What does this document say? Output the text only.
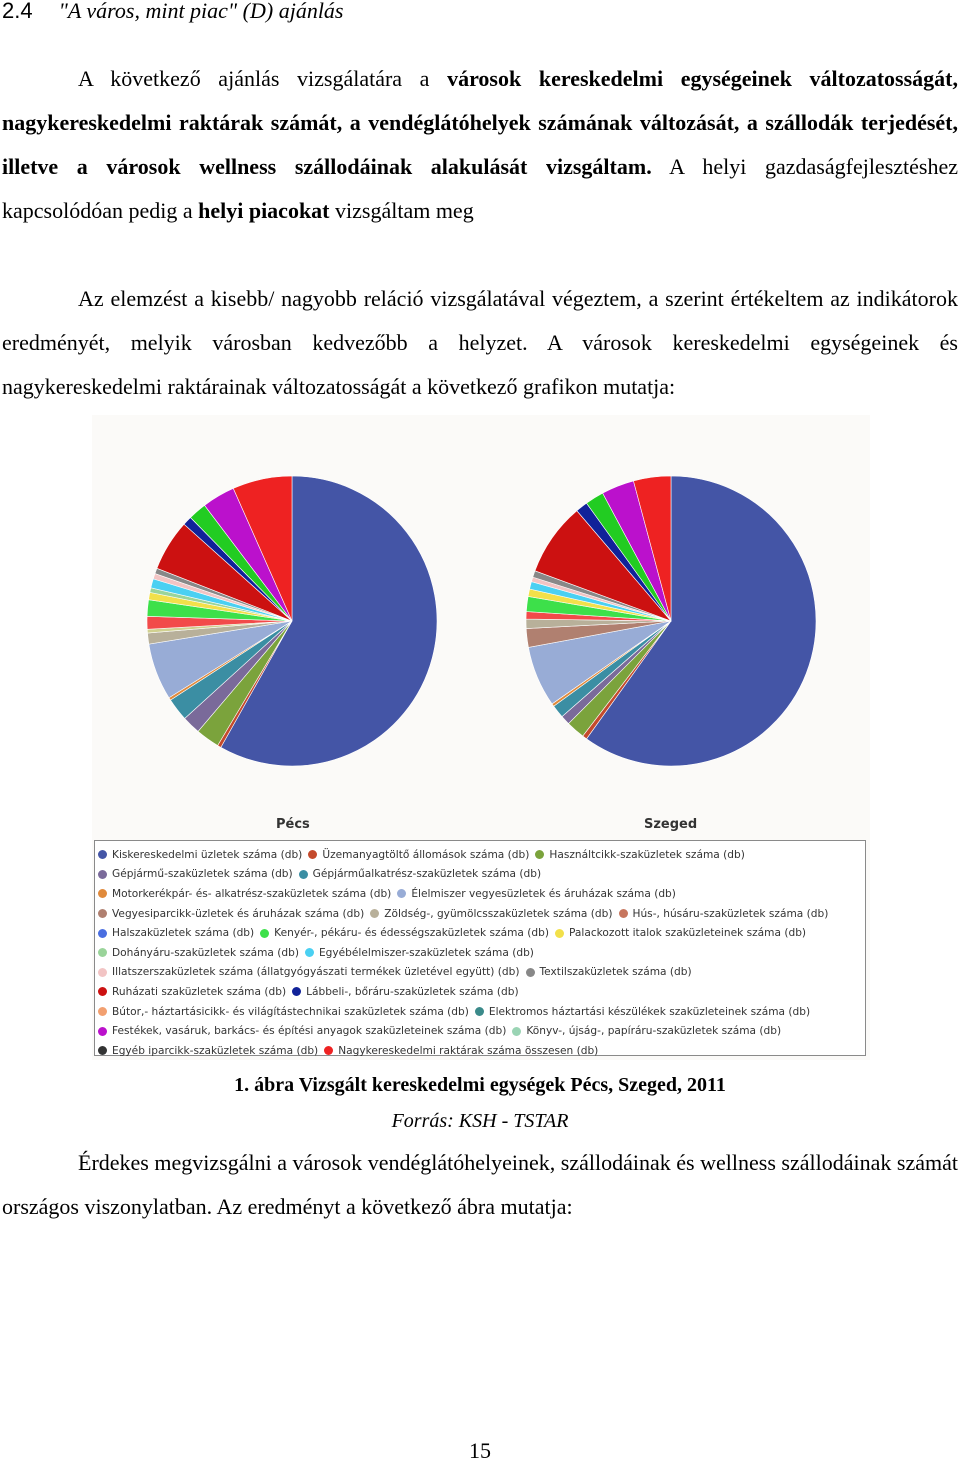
2.4 "A város, mint piac" (D) ajánlás

A következő ajánlás vizsgálatára a városok kereskedelmi egységeinek változatosságát, nagykereskedelmi raktárak számát, a vendéglátóhelyek számának változását, a szállodák terjedését, illetve a városok wellness szállodáinak alakulását vizsgáltam. A helyi gazdaságfejlesztéshez kapcsolódóan pedig a helyi piacokat vizsgáltam meg

Az elemzést a kisebb/ nagyobb reláció vizsgálatával végeztem, a szerint értékeltem az indikátorok eredményét, melyik városban kedvezőbb a helyzet. A városok kereskedelmi egységeinek és nagykereskedelmi raktárainak változatosságát a következő grafikon mutatja:

Pécs	Szeged
Kiskereskedelmi üzletek száma (db) Üzemanyagtöltő állomások száma (db) Használtcikk-szaküzletek száma (db)
Gépjármű-szaküzletek száma (db) Gépjárműalkatrész-szaküzletek száma (db)
Motorkerékpár- és- alkatrész-szaküzletek száma (db) Élelmiszer vegyesüzletek és áruházak száma (db)
Vegyesiparcikk-üzletek és áruházak száma (db) Zöldség-, gyümölcsszaküzletek száma (db) Hús-, húsáru-szaküzletek száma (db)
Halszaküzletek száma (db) Kenyér-, pékáru- és édességszaküzletek száma (db) Palackozott italok szaküzleteinek száma (db)
Dohányáru-szaküzletek száma (db) Egyébélelmiszer-szaküzletek száma (db)
Illatszerszaküzletek száma (állatgyógyászati termékek üzletével együtt) (db) Textilszaküzletek száma (db)
Ruházati szaküzletek száma (db) Lábbeli-, bőráru-szaküzletek száma (db)
Bútor,- háztartásicikk- és világítástechnikai szaküzletek száma (db) Elektromos háztartási készülékek szaküzleteinek száma (db)
Festékek, vasáruk, barkács- és építési anyagok szaküzleteinek száma (db) Könyv-, újság-, papíráru-szaküzletek száma (db)
Egyéb iparcikk-szaküzletek száma (db) Nagykereskedelmi raktárak száma összesen (db)
1. ábra Vizsgált kereskedelmi egységek Pécs, Szeged, 2011
Forrás: KSH - TSTAR

Érdekes megvizsgálni a városok vendéglátóhelyeinek, szállodáinak és wellness szállodáinak számát országos viszonylatban. Az eredményt a következő ábra mutatja:

15
